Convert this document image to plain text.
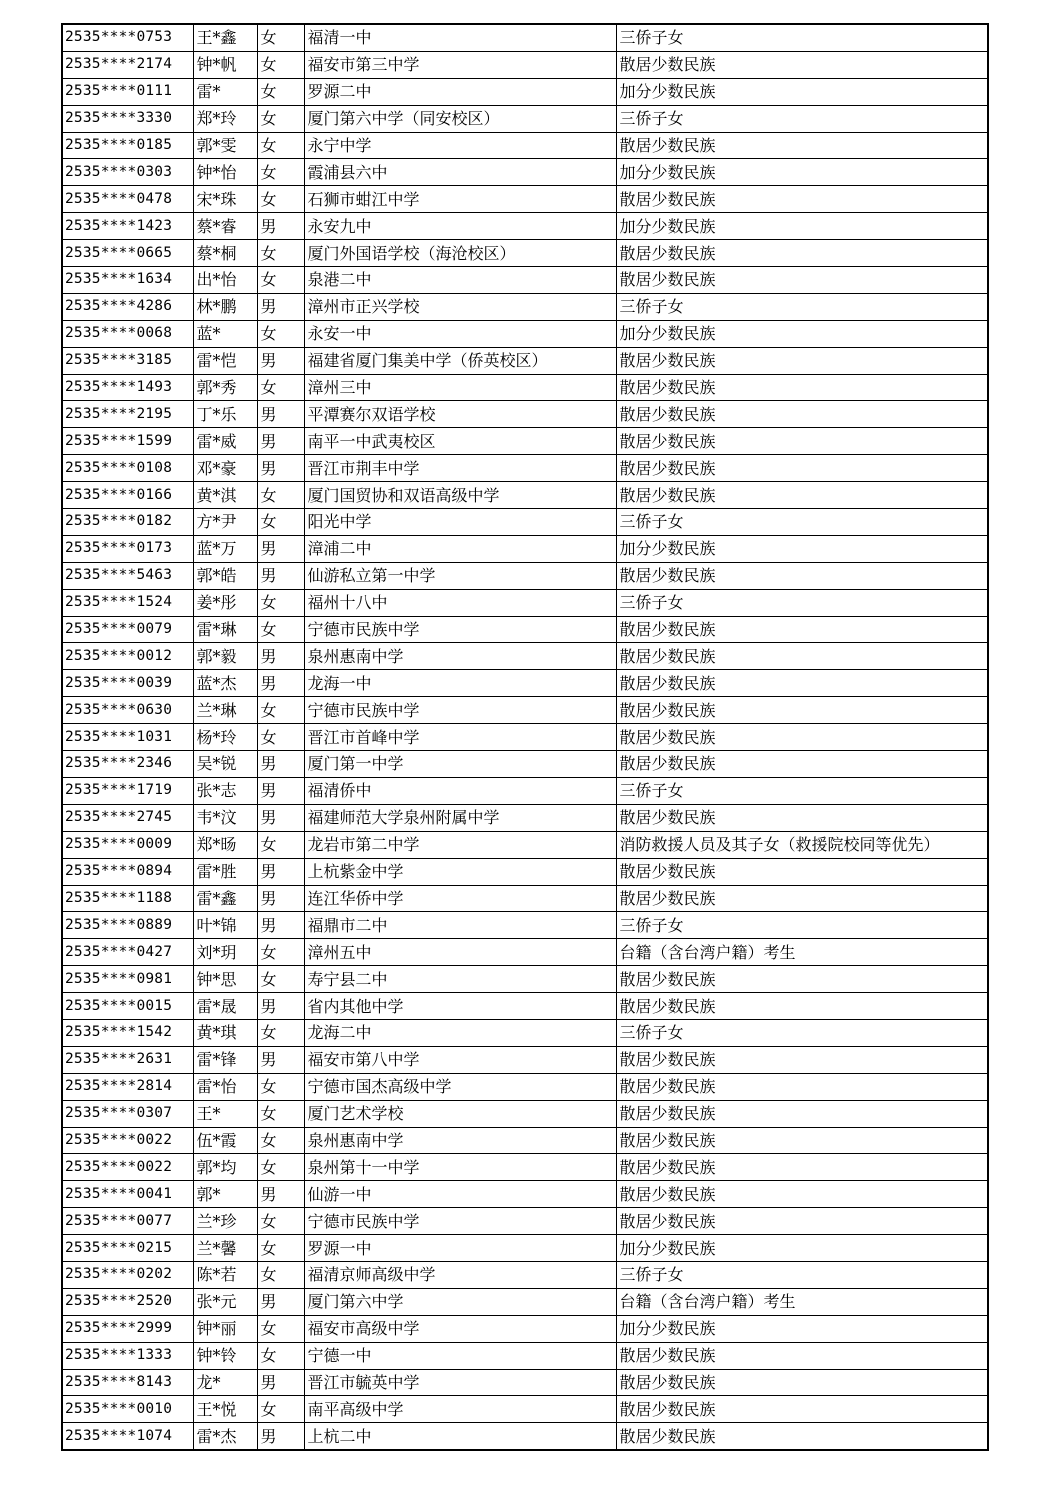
2535****0753	王*鑫	女	福清一中	三侨子女
2535****2174	钟*帆	女	福安市第三中学	散居少数民族
2535****0111	雷*	女	罗源二中	加分少数民族
2535****3330	郑*玲	女	厦门第六中学（同安校区）	三侨子女
2535****0185	郭*雯	女	永宁中学	散居少数民族
2535****0303	钟*怡	女	霞浦县六中	加分少数民族
2535****0478	宋*珠	女	石狮市蚶江中学	散居少数民族
2535****1423	蔡*睿	男	永安九中	加分少数民族
2535****0665	蔡*桐	女	厦门外国语学校（海沧校区）	散居少数民族
2535****1634	出*怡	女	泉港二中	散居少数民族
2535****4286	林*鹏	男	漳州市正兴学校	三侨子女
2535****0068	蓝*	女	永安一中	加分少数民族
2535****3185	雷*恺	男	福建省厦门集美中学（侨英校区）	散居少数民族
2535****1493	郭*秀	女	漳州三中	散居少数民族
2535****2195	丁*乐	男	平潭赛尔双语学校	散居少数民族
2535****1599	雷*威	男	南平一中武夷校区	散居少数民族
2535****0108	邓*豪	男	晋江市荆丰中学	散居少数民族
2535****0166	黄*淇	女	厦门国贸协和双语高级中学	散居少数民族
2535****0182	方*尹	女	阳光中学	三侨子女
2535****0173	蓝*万	男	漳浦二中	加分少数民族
2535****5463	郭*皓	男	仙游私立第一中学	散居少数民族
2535****1524	姜*彤	女	福州十八中	三侨子女
2535****0079	雷*琳	女	宁德市民族中学	散居少数民族
2535****0012	郭*毅	男	泉州惠南中学	散居少数民族
2535****0039	蓝*杰	男	龙海一中	散居少数民族
2535****0630	兰*琳	女	宁德市民族中学	散居少数民族
2535****1031	杨*玲	女	晋江市首峰中学	散居少数民族
2535****2346	吴*锐	男	厦门第一中学	散居少数民族
2535****1719	张*志	男	福清侨中	三侨子女
2535****2745	韦*汶	男	福建师范大学泉州附属中学	散居少数民族
2535****0009	郑*旸	女	龙岩市第二中学	消防救援人员及其子女（救援院校同等优先）
2535****0894	雷*胜	男	上杭紫金中学	散居少数民族
2535****1188	雷*鑫	男	连江华侨中学	散居少数民族
2535****0889	叶*锦	男	福鼎市二中	三侨子女
2535****0427	刘*玥	女	漳州五中	台籍（含台湾户籍）考生
2535****0981	钟*思	女	寿宁县二中	散居少数民族
2535****0015	雷*晟	男	省内其他中学	散居少数民族
2535****1542	黄*琪	女	龙海二中	三侨子女
2535****2631	雷*锋	男	福安市第八中学	散居少数民族
2535****2814	雷*怡	女	宁德市国杰高级中学	散居少数民族
2535****0307	王*	女	厦门艺术学校	散居少数民族
2535****0022	伍*霞	女	泉州惠南中学	散居少数民族
2535****0022	郭*均	女	泉州第十一中学	散居少数民族
2535****0041	郭*	男	仙游一中	散居少数民族
2535****0077	兰*珍	女	宁德市民族中学	散居少数民族
2535****0215	兰*馨	女	罗源一中	加分少数民族
2535****0202	陈*若	女	福清京师高级中学	三侨子女
2535****2520	张*元	男	厦门第六中学	台籍（含台湾户籍）考生
2535****2999	钟*丽	女	福安市高级中学	加分少数民族
2535****1333	钟*铃	女	宁德一中	散居少数民族
2535****8143	龙*	男	晋江市毓英中学	散居少数民族
2535****0010	王*悦	女	南平高级中学	散居少数民族
2535****1074	雷*杰	男	上杭二中	散居少数民族
